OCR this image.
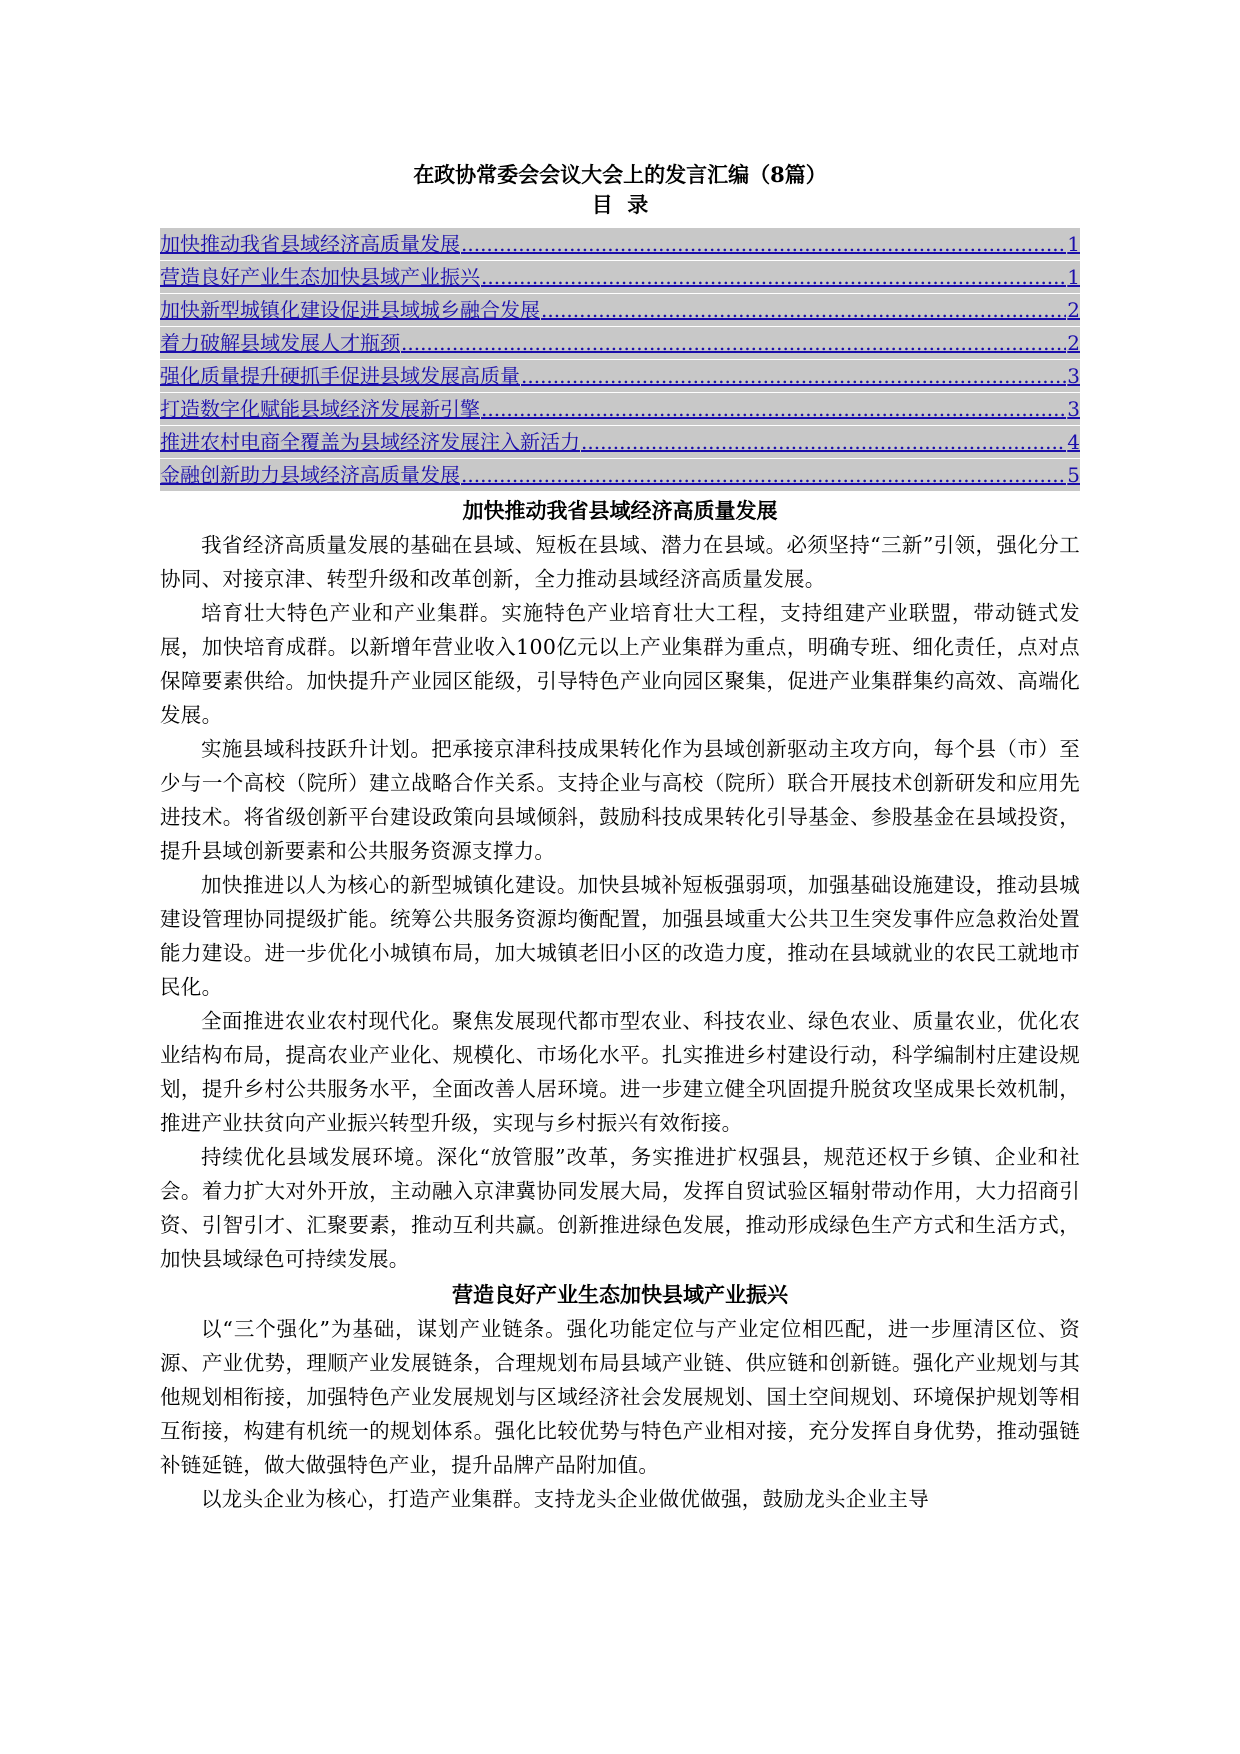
在政协常委会会议大会上的发言汇编（8篇）
目  录
加快推动我省县域经济高质量发展 .....	1
营造良好产业生态加快县域产业振兴 .....	1
加快新型城镇化建设促进县域城乡融合发展 .....	2
着力破解县域发展人才瓶颈 .....	2
强化质量提升硬抓手促进县域发展高质量 .....	3
打造数字化赋能县域经济发展新引擎 .....	3
推进农村电商全覆盖为县域经济发展注入新活力 .....	4
金融创新助力县域经济高质量发展 .....	5
加快推动我省县域经济高质量发展

我省经济高质量发展的基础在县域、短板在县域、潜力在县域。必须坚持“三新”引领，强化分工协同、对接京津、转型升级和改革创新，全力推动县域经济高质量发展。

培育壮大特色产业和产业集群。实施特色产业培育壮大工程，支持组建产业联盟，带动链式发展，加快培育成群。以新增年营业收入100亿元以上产业集群为重点，明确专班、细化责任，点对点保障要素供给。加快提升产业园区能级，引导特色产业向园区聚集，促进产业集群集约高效、高端化发展。

实施县域科技跃升计划。把承接京津科技成果转化作为县域创新驱动主攻方向，每个县（市）至少与一个高校（院所）建立战略合作关系。支持企业与高校（院所）联合开展技术创新研发和应用先进技术。将省级创新平台建设政策向县域倾斜，鼓励科技成果转化引导基金、参股基金在县域投资，提升县域创新要素和公共服务资源支撑力。

加快推进以人为核心的新型城镇化建设。加快县城补短板强弱项，加强基础设施建设，推动县城建设管理协同提级扩能。统筹公共服务资源均衡配置，加强县域重大公共卫生突发事件应急救治处置能力建设。进一步优化小城镇布局，加大城镇老旧小区的改造力度，推动在县域就业的农民工就地市民化。

全面推进农业农村现代化。聚焦发展现代都市型农业、科技农业、绿色农业、质量农业，优化农业结构布局，提高农业产业化、规模化、市场化水平。扎实推进乡村建设行动，科学编制村庄建设规划，提升乡村公共服务水平，全面改善人居环境。进一步建立健全巩固提升脱贫攻坚成果长效机制，推进产业扶贫向产业振兴转型升级，实现与乡村振兴有效衔接。

持续优化县域发展环境。深化“放管服”改革，务实推进扩权强县，规范还权于乡镇、企业和社会。着力扩大对外开放，主动融入京津冀协同发展大局，发挥自贸试验区辐射带动作用，大力招商引资、引智引才、汇聚要素，推动互利共赢。创新推进绿色发展，推动形成绿色生产方式和生活方式，加快县域绿色可持续发展。

营造良好产业生态加快县域产业振兴

以“三个强化”为基础，谋划产业链条。强化功能定位与产业定位相匹配，进一步厘清区位、资源、产业优势，理顺产业发展链条，合理规划布局县域产业链、供应链和创新链。强化产业规划与其他规划相衔接，加强特色产业发展规划与区域经济社会发展规划、国土空间规划、环境保护规划等相互衔接，构建有机统一的规划体系。强化比较优势与特色产业相对接，充分发挥自身优势，推动强链补链延链，做大做强特色产业，提升品牌产品附加值。

以龙头企业为核心，打造产业集群。支持龙头企业做优做强，鼓励龙头企业主导
